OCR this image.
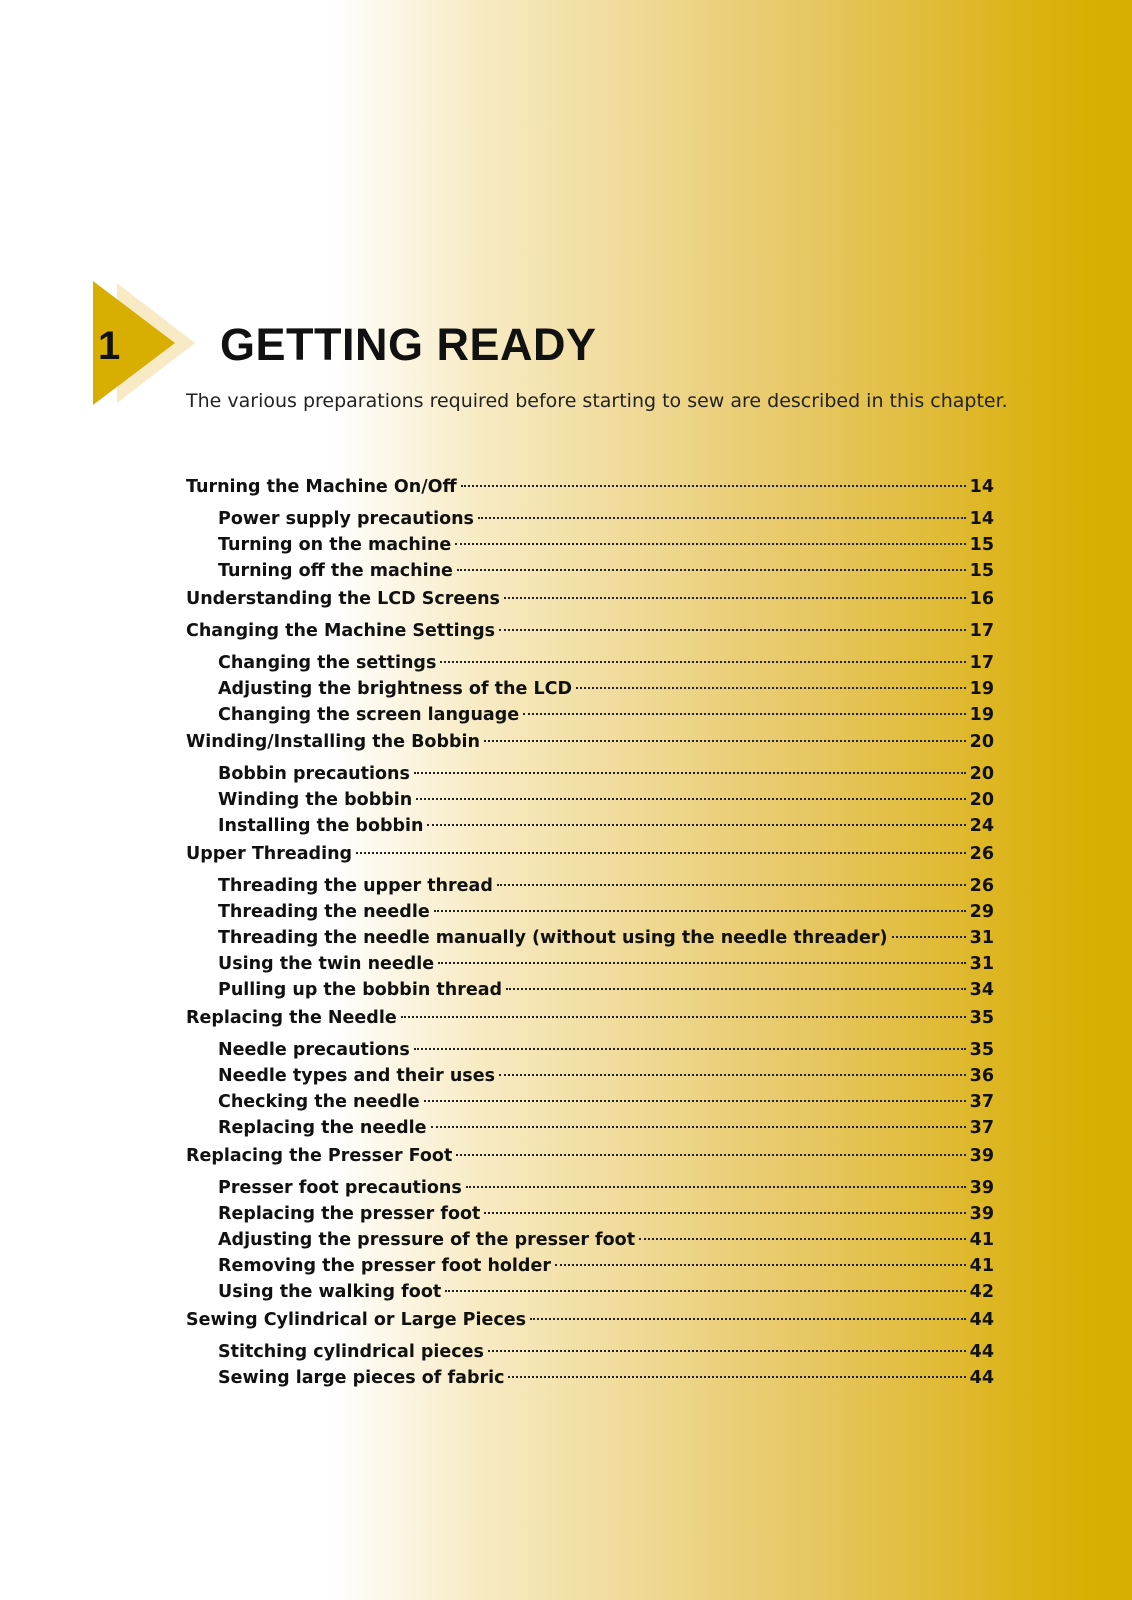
1 GETTING READY
The various preparations required before starting to sew are described in this chapter.
Turning the Machine On/Off	14
Power supply precautions	14
Turning on the machine	15
Turning off the machine	15
Understanding the LCD Screens	16
Changing the Machine Settings	17
Changing the settings	17
Adjusting the brightness of the LCD	19
Changing the screen language	19
Winding/Installing the Bobbin	20
Bobbin precautions	20
Winding the bobbin	20
Installing the bobbin	24
Upper Threading	26
Threading the upper thread	26
Threading the needle	29
Threading the needle manually (without using the needle threader)	31
Using the twin needle	31
Pulling up the bobbin thread	34
Replacing the Needle	35
Needle precautions	35
Needle types and their uses	36
Checking the needle	37
Replacing the needle	37
Replacing the Presser Foot	39
Presser foot precautions	39
Replacing the presser foot	39
Adjusting the pressure of the presser foot	41
Removing the presser foot holder	41
Using the walking foot	42
Sewing Cylindrical or Large Pieces	44
Stitching cylindrical pieces	44
Sewing large pieces of fabric	44
